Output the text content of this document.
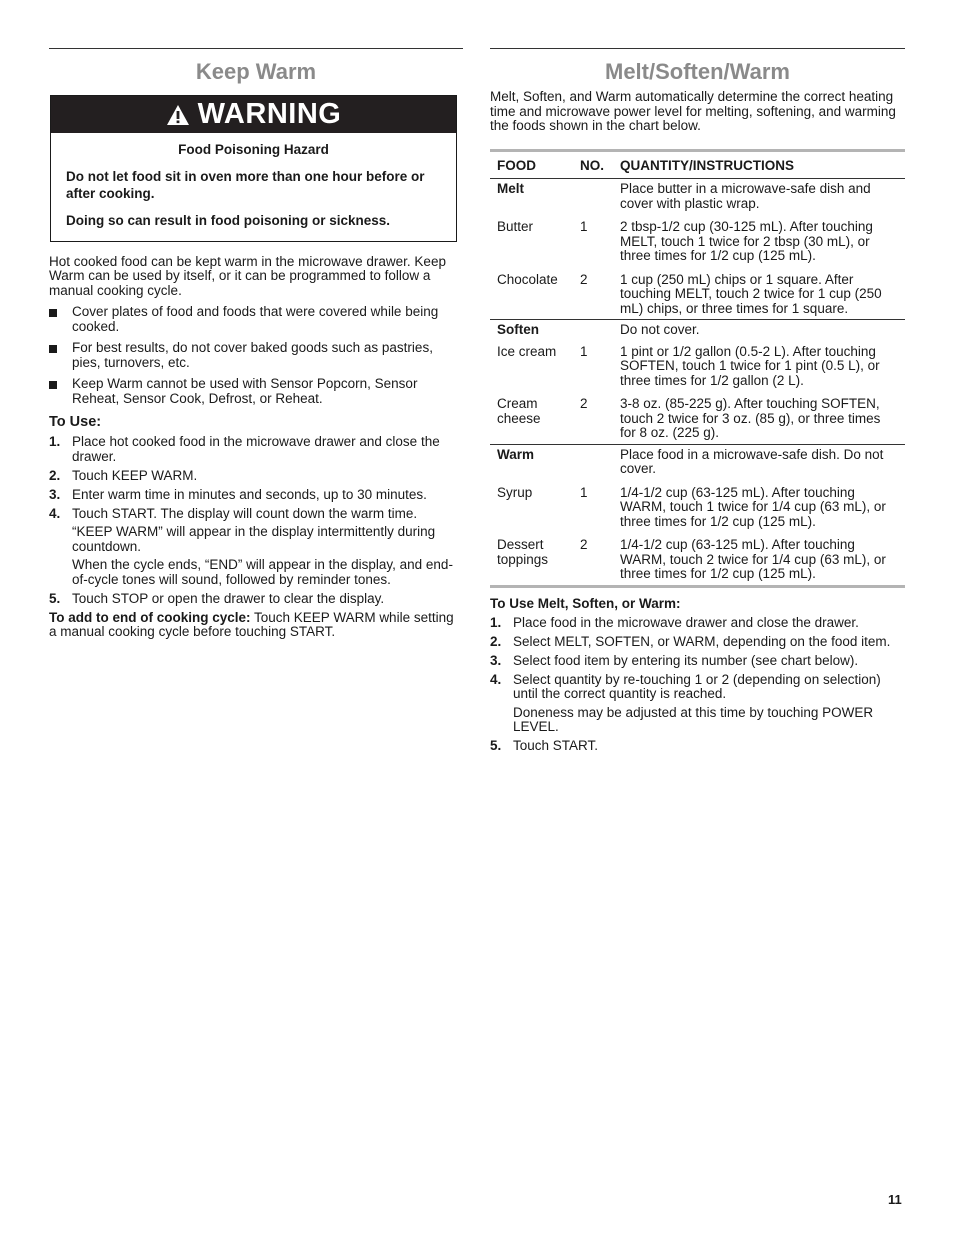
Keep Warm
WARNING
Food Poisoning Hazard

Do not let food sit in oven more than one hour before or after cooking.

Doing so can result in food poisoning or sickness.

Hot cooked food can be kept warm in the microwave drawer. Keep Warm can be used by itself, or it can be programmed to follow a manual cooking cycle.

Cover plates of food and foods that were covered while being cooked.
For best results, do not cover baked goods such as pastries, pies, turnovers, etc.
Keep Warm cannot be used with Sensor Popcorn, Sensor Reheat, Sensor Cook, Defrost, or Reheat.
To Use:
1. Place hot cooked food in the microwave drawer and close the drawer.
2. Touch KEEP WARM.
3. Enter warm time in minutes and seconds, up to 30 minutes.
4. Touch START. The display will count down the warm time.
“KEEP WARM” will appear in the display intermittently during countdown.
When the cycle ends, “END” will appear in the display, and end-of-cycle tones will sound, followed by reminder tones.
5. Touch STOP or open the drawer to clear the display.
To add to end of cooking cycle: Touch KEEP WARM while setting a manual cooking cycle before touching START.
Melt/Soften/Warm

Melt, Soften, and Warm automatically determine the correct heating time and microwave power level for melting, softening, and warming the foods shown in the chart below.

FOOD	NO.	QUANTITY/INSTRUCTIONS
Melt		Place butter in a microwave-safe dish and cover with plastic wrap.
Butter	1	2 tbsp-1/2 cup (30-125 mL). After touching MELT, touch 1 twice for 2 tbsp (30 mL), or three times for 1/2 cup (125 mL).
Chocolate	2	1 cup (250 mL) chips or 1 square. After touching MELT, touch 2 twice for 1 cup (250 mL) chips, or three times for 1 square.
Soften		Do not cover.
Ice cream	1	1 pint or 1/2 gallon (0.5-2 L). After touching SOFTEN, touch 1 twice for 1 pint (0.5 L), or three times for 1/2 gallon (2 L).
Cream cheese	2	3-8 oz. (85-225 g). After touching SOFTEN, touch 2 twice for 3 oz. (85 g), or three times for 8 oz. (225 g).
Warm		Place food in a microwave-safe dish. Do not cover.
Syrup	1	1/4-1/2 cup (63-125 mL). After touching WARM, touch 1 twice for 1/4 cup (63 mL), or three times for 1/2 cup (125 mL).
Dessert toppings	2	1/4-1/2 cup (63-125 mL). After touching WARM, touch 2 twice for 1/4 cup (63 mL), or three times for 1/2 cup (125 mL).
To Use Melt, Soften, or Warm:
1. Place food in the microwave drawer and close the drawer.
2. Select MELT, SOFTEN, or WARM, depending on the food item.
3. Select food item by entering its number (see chart below).
4. Select quantity by re-touching 1 or 2 (depending on selection) until the correct quantity is reached.
Doneness may be adjusted at this time by touching POWER LEVEL.
5. Touch START.
11
